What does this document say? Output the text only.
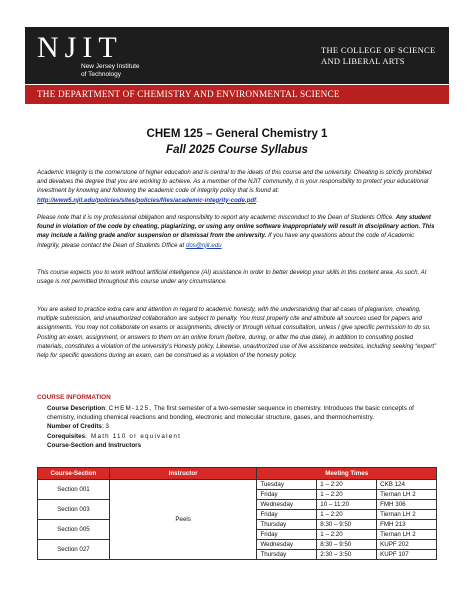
NJIT
New Jersey Institute
of Technology
THE COLLEGE OF SCIENCE
AND LIBERAL ARTS
THE DEPARTMENT OF CHEMISTRY AND ENVIRONMENTAL SCIENCE
CHEM 125 – General Chemistry 1
Fall 2025 Course Syllabus
Academic Integrity is the cornerstone of higher education and is central to the ideals of this course and the university. Cheating is strictly prohibited and devalues the degree that you are working to achieve. As a member of the NJIT community, it is your responsibility to protect your educational investment by knowing and following the academic code of integrity policy that is found at: http://www5.njit.edu/policies/sites/policies/files/academic-integrity-code.pdf.
Please note that it is my professional obligation and responsibility to report any academic misconduct to the Dean of Students Office. Any student found in violation of the code by cheating, plagiarizing, or using any online software inappropriately will result in disciplinary action. This may include a failing grade and/or suspension or dismissal from the university. If you have any questions about the code of Academic Integrity, please contact the Dean of Students Office at dos@njit.edu
This course expects you to work without artificial intelligence (AI) assistance in order to better develop your skills in this content area. As such, AI usage is not permitted throughout this course under any circumstance.
You are asked to practice extra care and attention in regard to academic honesty, with the understanding that all cases of plagiarism, cheating, multiple submission, and unauthorized collaboration are subject to penalty. You must properly cite and attribute all sources used for papers and assignments. You may not collaborate on exams or assignments, directly or through virtual consultation, unless I give specific permission to do so. Posting an exam, assignment, or answers to them on an online forum (before, during, or after the due date), in addition to consulting posted materials, constitutes a violation of the university’s Honesty policy. Likewise, unauthorized use of live assistance websites, including seeking “expert” help for specific questions during an exam, can be construed as a violation of the honesty policy.
COURSE INFORMATION
Course Description: CHEM-125, The first semester of a two-semester sequence in chemistry. Introduces the basic concepts of chemistry, including chemical reactions and bonding, electronic and molecular structure, gases, and thermochemistry.
Number of Credits: 3
Corequisites: Math 110 or equivalent
Course-Section and Instructors
Course-Section	Instructor	Meeting Times		
Section 001	Peels	Tuesday	1 – 2:20	CKB 124
		Friday	1 – 2:20	Tiernan LH 2
Section 003		Wednesday	10 – 11:20	FMH 306
		Friday	1 – 2:20	Tiernan LH 2
Section 005		Thursday	8:30 – 9:50	FMH 213
		Friday	1 – 2:20	Tiernan LH 2
Section 027		Wednesday	8:30 – 9:50	KUPF 202
		Thursday	2:30 – 3:50	KUPF 107
